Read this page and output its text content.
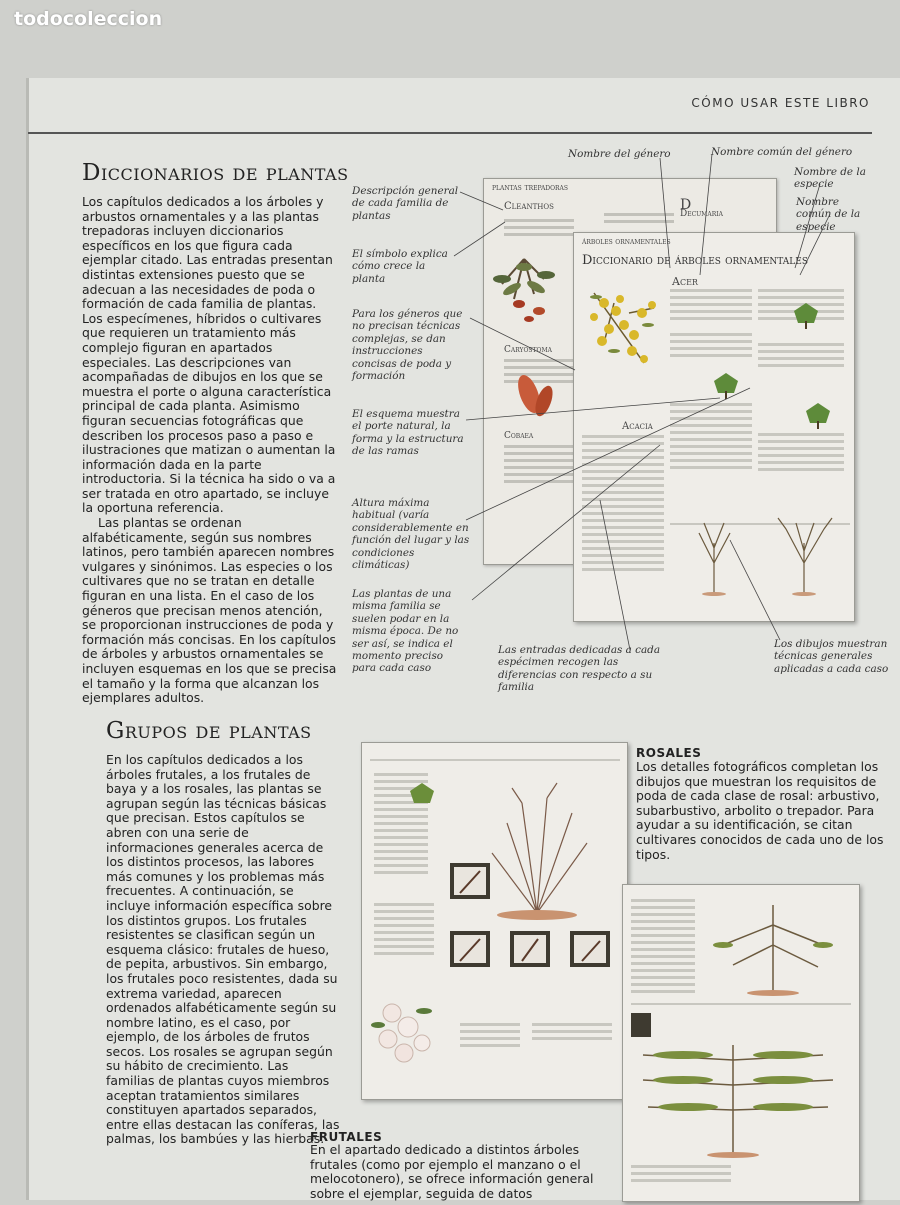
todocoleccion
CÓMO USAR ESTE LIBRO
Diccionarios de plantas

Los capítulos dedicados a los árboles y arbustos ornamentales y a las plantas trepadoras incluyen diccionarios específicos en los que figura cada ejemplar citado. Las entradas presentan distintas extensiones puesto que se adecuan a las necesidades de poda o formación de cada familia de plantas. Los especímenes, híbridos o cultivares que requieren un tratamiento más complejo figuran en apartados especiales. Las descripciones van acompañadas de dibujos en los que se muestra el porte o alguna característica principal de cada planta. Asimismo figuran secuencias fotográficas que describen los procesos paso a paso e ilustraciones que matizan o aumentan la información dada en la parte introductoria. Si la técnica ha sido o va a ser tratada en otro apartado, se incluye la oportuna referencia.

Las plantas se ordenan alfabéticamente, según sus nombres latinos, pero también aparecen nombres vulgares y sinónimos. Las especies o los cultivares que no se tratan en detalle figuran en una lista. En el caso de los géneros que precisan menos atención, se proporcionan instrucciones de poda y formación más concisas. En los capítulos de árboles y arbustos ornamentales se incluyen esquemas en los que se precisa el tamaño y la forma que alcanzan los ejemplares adultos.

plantas trepadoras
Cleanthos	D
Decumaria
Caryostoma
Cobaea
árboles ornamentales
Diccionario de árboles ornamentales
Acer
Acacia
Descripción general de cada familia de plantas
El símbolo explica cómo crece la planta
Para los géneros que no precisan técnicas complejas, se dan instrucciones concisas de poda y formación
El esquema muestra el porte natural, la forma y la estructura de las ramas
Altura máxima habitual (varía considerablemente en función del lugar y las condiciones climáticas)
Las plantas de una misma familia se suelen podar en la misma época. De no ser así, se indica el momento preciso para cada caso
Nombre del género	Nombre común del género
Nombre de la especie
Nombre común de la especie
Las entradas dedicadas a cada espécimen recogen las diferencias con respecto a su familia
Los dibujos muestran técnicas generales aplicadas a cada caso
Grupos de plantas

En los capítulos dedicados a los árboles frutales, a los frutales de baya y a los rosales, las plantas se agrupan según las técnicas básicas que precisan. Estos capítulos se abren con una serie de informaciones generales acerca de los distintos procesos, las labores más comunes y los problemas más frecuentes. A continuación, se incluye información específica sobre los distintos grupos. Los frutales resistentes se clasifican según un esquema clásico: frutales de hueso, de pepita, arbustivos. Sin embargo, los frutales poco resistentes, dada su extrema variedad, aparecen ordenados alfabéticamente según su nombre latino, es el caso, por ejemplo, de los árboles de frutos secos. Los rosales se agrupan según su hábito de crecimiento. Las familias de plantas cuyos miembros aceptan tratamientos similares constituyen apartados separados, entre ellas destacan las coníferas, las palmas, los bambúes y las hierbas.

ROSALES
Los detalles fotográficos completan los dibujos que muestran los requisitos de poda de cada clase de rosal: arbustivo, subarbustivo, arbolito o trepador. Para ayudar a su identificación, se citan cultivares conocidos de cada uno de los tipos.
FRUTALES
En el apartado dedicado a distintos árboles frutales (como por ejemplo el manzano o el melocotonero), se ofrece información general sobre el ejemplar, seguida de datos
